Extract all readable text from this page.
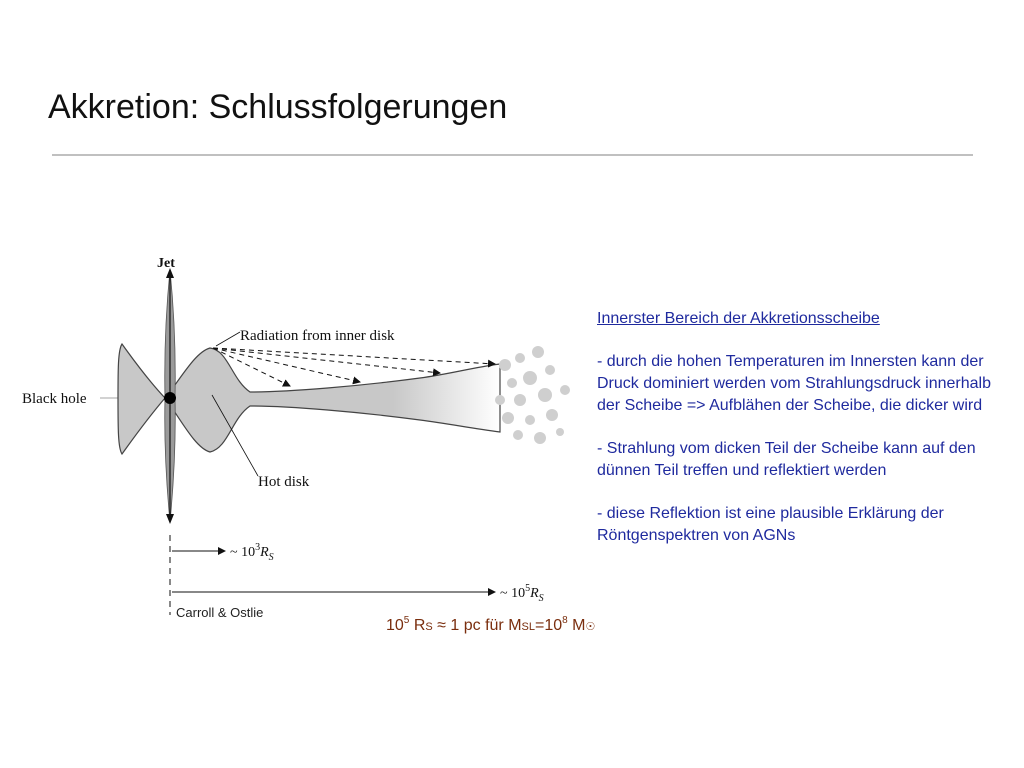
Akkretion: Schlussfolgerungen
Jet
Radiation from inner disk
Black hole
Hot disk
~ $10^3R_S$
~ $10^5R_S$
Carroll & Ostlie
$10^5$ RS ≈ 1 pc für $MSL=10^8$ M☉

Innerster Bereich der Akkretionsscheibe

- durch die hohen Temperaturen im Innersten kann der Druck dominiert werden vom Strahlungsdruck innerhalb der Scheibe => Aufblähen der Scheibe, die dicker wird

- Strahlung vom dicken Teil der Scheibe kann auf den dünnen Teil treffen und reflektiert werden

- diese Reflektion ist eine plausible Erklärung der Röntgenspektren von AGNs
